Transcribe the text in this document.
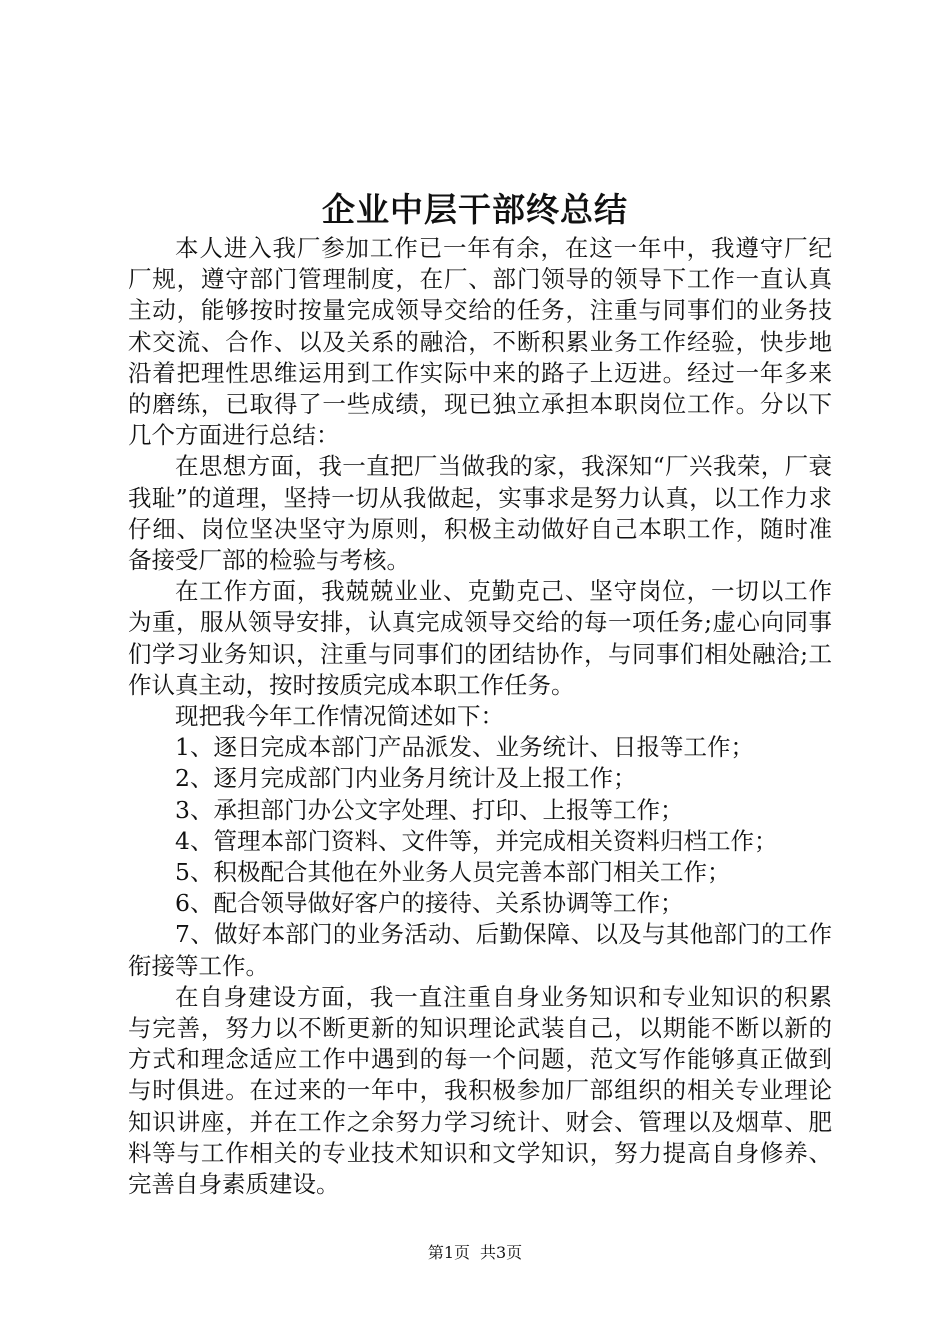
企业中层干部终总结

本人进入我厂参加工作已一年有余，在这一年中，我遵守厂纪厂规，遵守部门管理制度，在厂、部门领导的领导下工作一直认真主动，能够按时按量完成领导交给的任务，注重与同事们的业务技术交流、合作、以及关系的融洽，不断积累业务工作经验，快步地沿着把理性思维运用到工作实际中来的路子上迈进。经过一年多来的磨练，已取得了一些成绩，现已独立承担本职岗位工作。分以下几个方面进行总结：

在思想方面，我一直把厂当做我的家，我深知“厂兴我荣，厂衰我耻”的道理，坚持一切从我做起，实事求是努力认真，以工作力求仔细、岗位坚决坚守为原则，积极主动做好自己本职工作，随时准备接受厂部的检验与考核。

在工作方面，我兢兢业业、克勤克己、坚守岗位，一切以工作为重，服从领导安排，认真完成领导交给的每一项任务;虚心向同事们学习业务知识，注重与同事们的团结协作，与同事们相处融洽;工作认真主动，按时按质完成本职工作任务。

现把我今年工作情况简述如下：

1、逐日完成本部门产品派发、业务统计、日报等工作；

2、逐月完成部门内业务月统计及上报工作；

3、承担部门办公文字处理、打印、上报等工作；

4、管理本部门资料、文件等，并完成相关资料归档工作；

5、积极配合其他在外业务人员完善本部门相关工作；

6、配合领导做好客户的接待、关系协调等工作；

7、做好本部门的业务活动、后勤保障、以及与其他部门的工作衔接等工作。

在自身建设方面，我一直注重自身业务知识和专业知识的积累与完善，努力以不断更新的知识理论武装自己，以期能不断以新的方式和理念适应工作中遇到的每一个问题，范文写作能够真正做到与时俱进。在过来的一年中，我积极参加厂部组织的相关专业理论知识讲座，并在工作之余努力学习统计、财会、管理以及烟草、肥料等与工作相关的专业技术知识和文学知识，努力提高自身修养、完善自身素质建设。

第1页 共3页
